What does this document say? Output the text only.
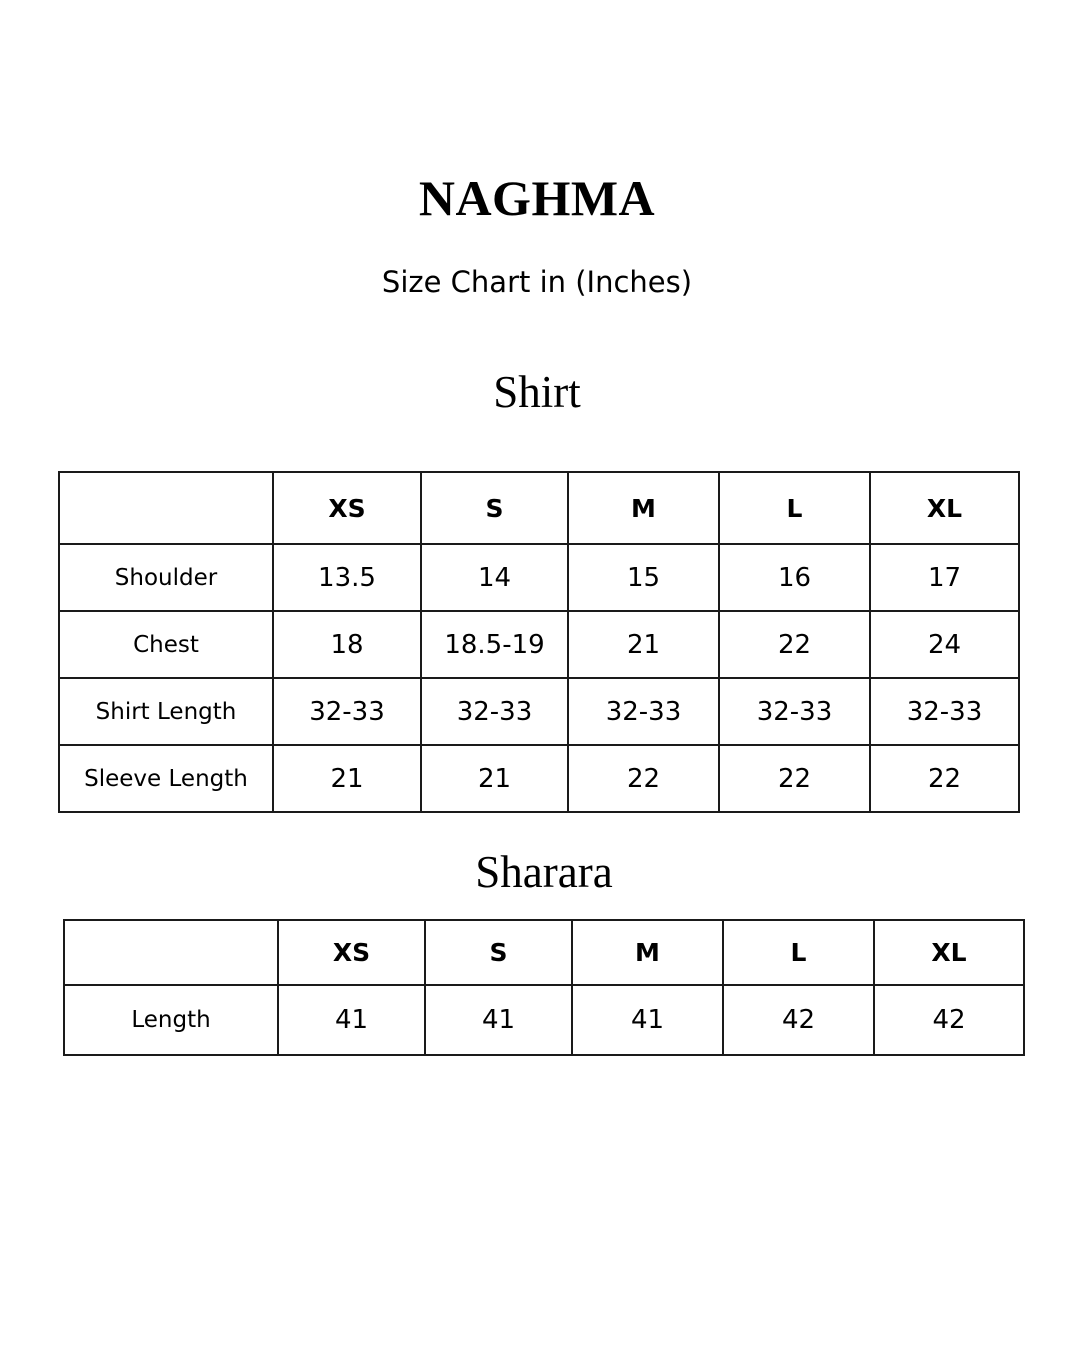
NAGHMA
Size Chart in (Inches)
Shirt
	XS	S	M	L	XL
Shoulder	13.5	14	15	16	17
Chest	18	18.5-19	21	22	24
Shirt Length	32-33	32-33	32-33	32-33	32-33
Sleeve Length	21	21	22	22	22
Sharara
	XS	S	M	L	XL
Length	41	41	41	42	42
